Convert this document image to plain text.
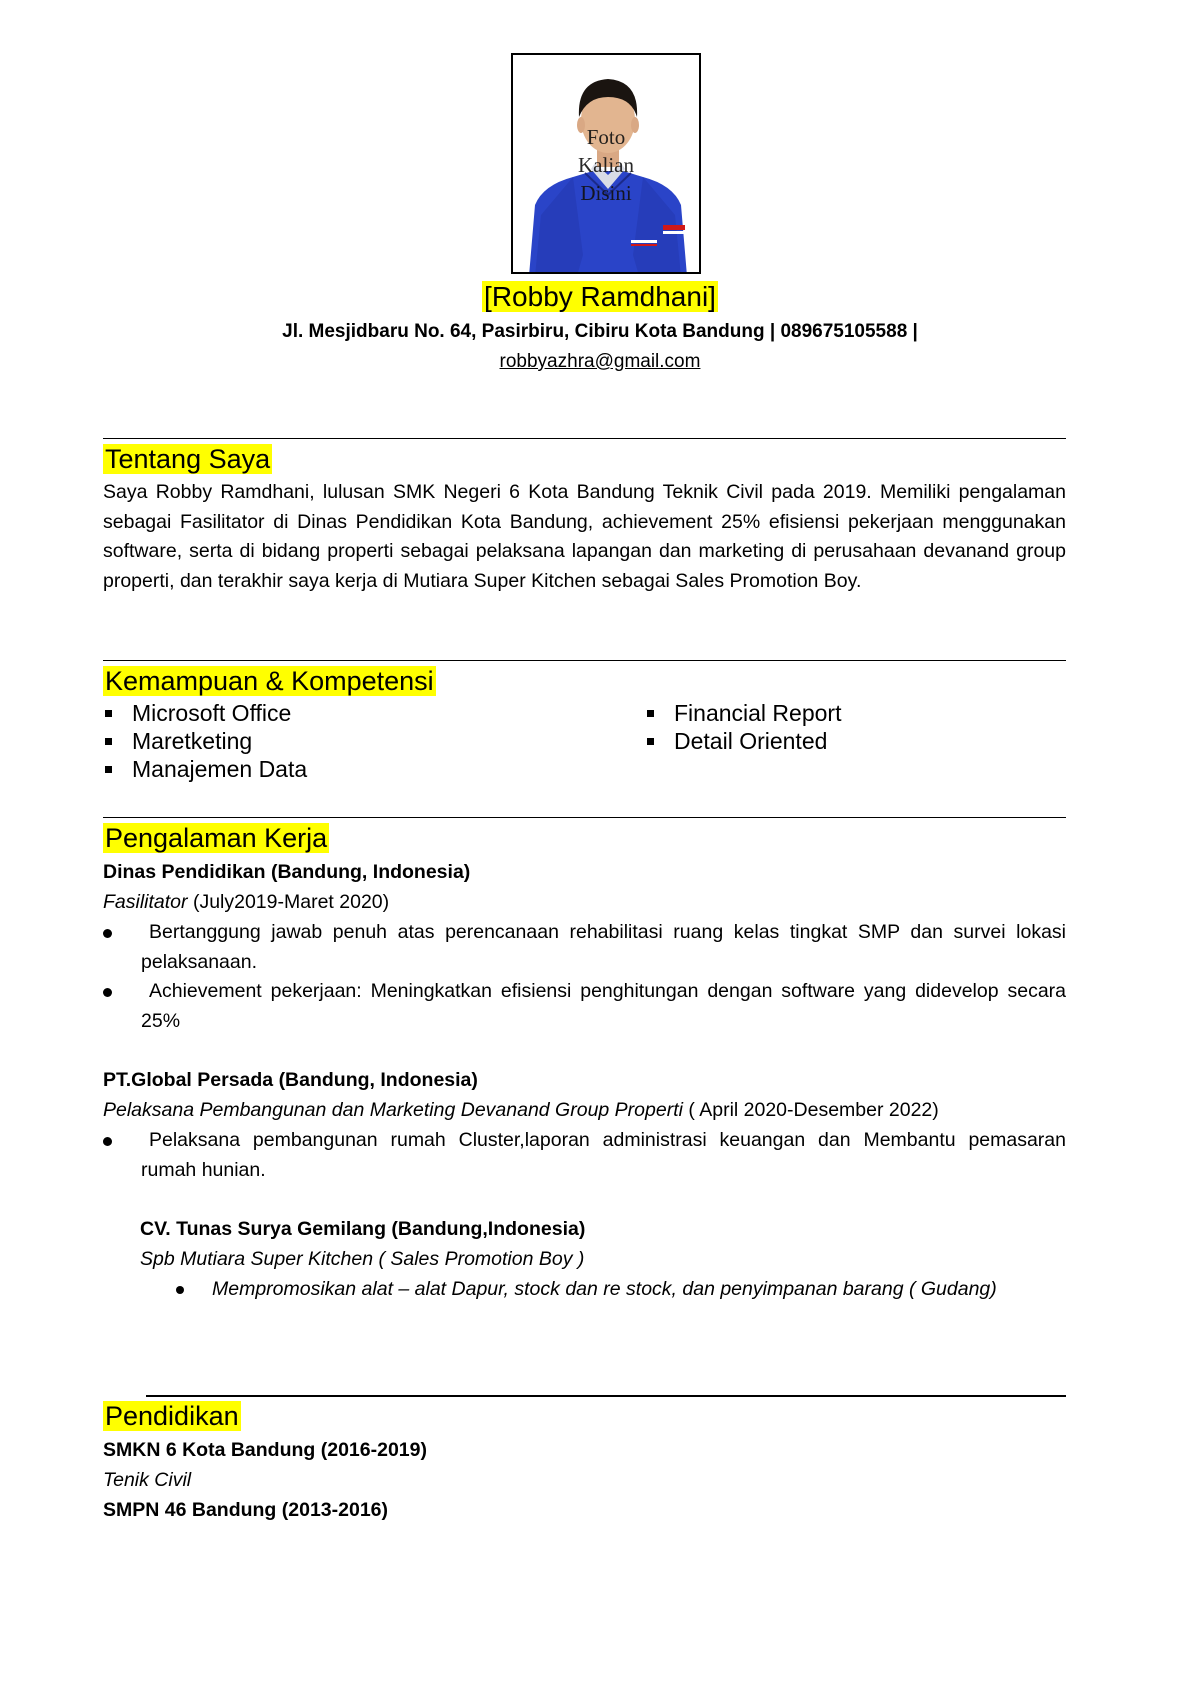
Foto
Kalian
Disini
[Robby Ramdhani]
Jl. Mesjidbaru No. 64, Pasirbiru, Cibiru Kota Bandung | 089675105588 |
robbyazhra@gmail.com
Tentang Saya
Saya Robby Ramdhani, lulusan SMK Negeri 6 Kota Bandung Teknik Civil pada 2019. Memiliki pengalaman sebagai Fasilitator di Dinas Pendidikan Kota Bandung, achievement 25% efisiensi pekerjaan menggunakan software, serta di bidang properti sebagai pelaksana lapangan dan marketing di perusahaan devanand group properti, dan terakhir saya kerja di Mutiara Super Kitchen sebagai Sales Promotion Boy.
Kemampuan & Kompetensi
Microsoft Office
Maretketing
Manajemen Data
Financial Report
Detail Oriented
Pengalaman Kerja
Dinas Pendidikan (Bandung, Indonesia)
Fasilitator (July2019-Maret 2020)
Bertanggung jawab penuh atas perencanaan rehabilitasi ruang kelas tingkat SMP dan survei lokasi pelaksanaan.
Achievement pekerjaan: Meningkatkan efisiensi penghitungan dengan software yang didevelop secara 25%
PT.Global Persada (Bandung, Indonesia)
Pelaksana Pembangunan dan Marketing Devanand Group Properti ( April 2020-Desember 2022)
Pelaksana pembangunan rumah Cluster,laporan administrasi keuangan dan Membantu pemasaran rumah hunian.
CV. Tunas Surya Gemilang (Bandung,Indonesia)
Spb Mutiara Super Kitchen ( Sales Promotion Boy )
Mempromosikan alat – alat Dapur, stock dan re stock, dan penyimpanan barang ( Gudang)
Pendidikan
SMKN 6 Kota Bandung (2016-2019)
Tenik Civil
SMPN 46 Bandung (2013-2016)
